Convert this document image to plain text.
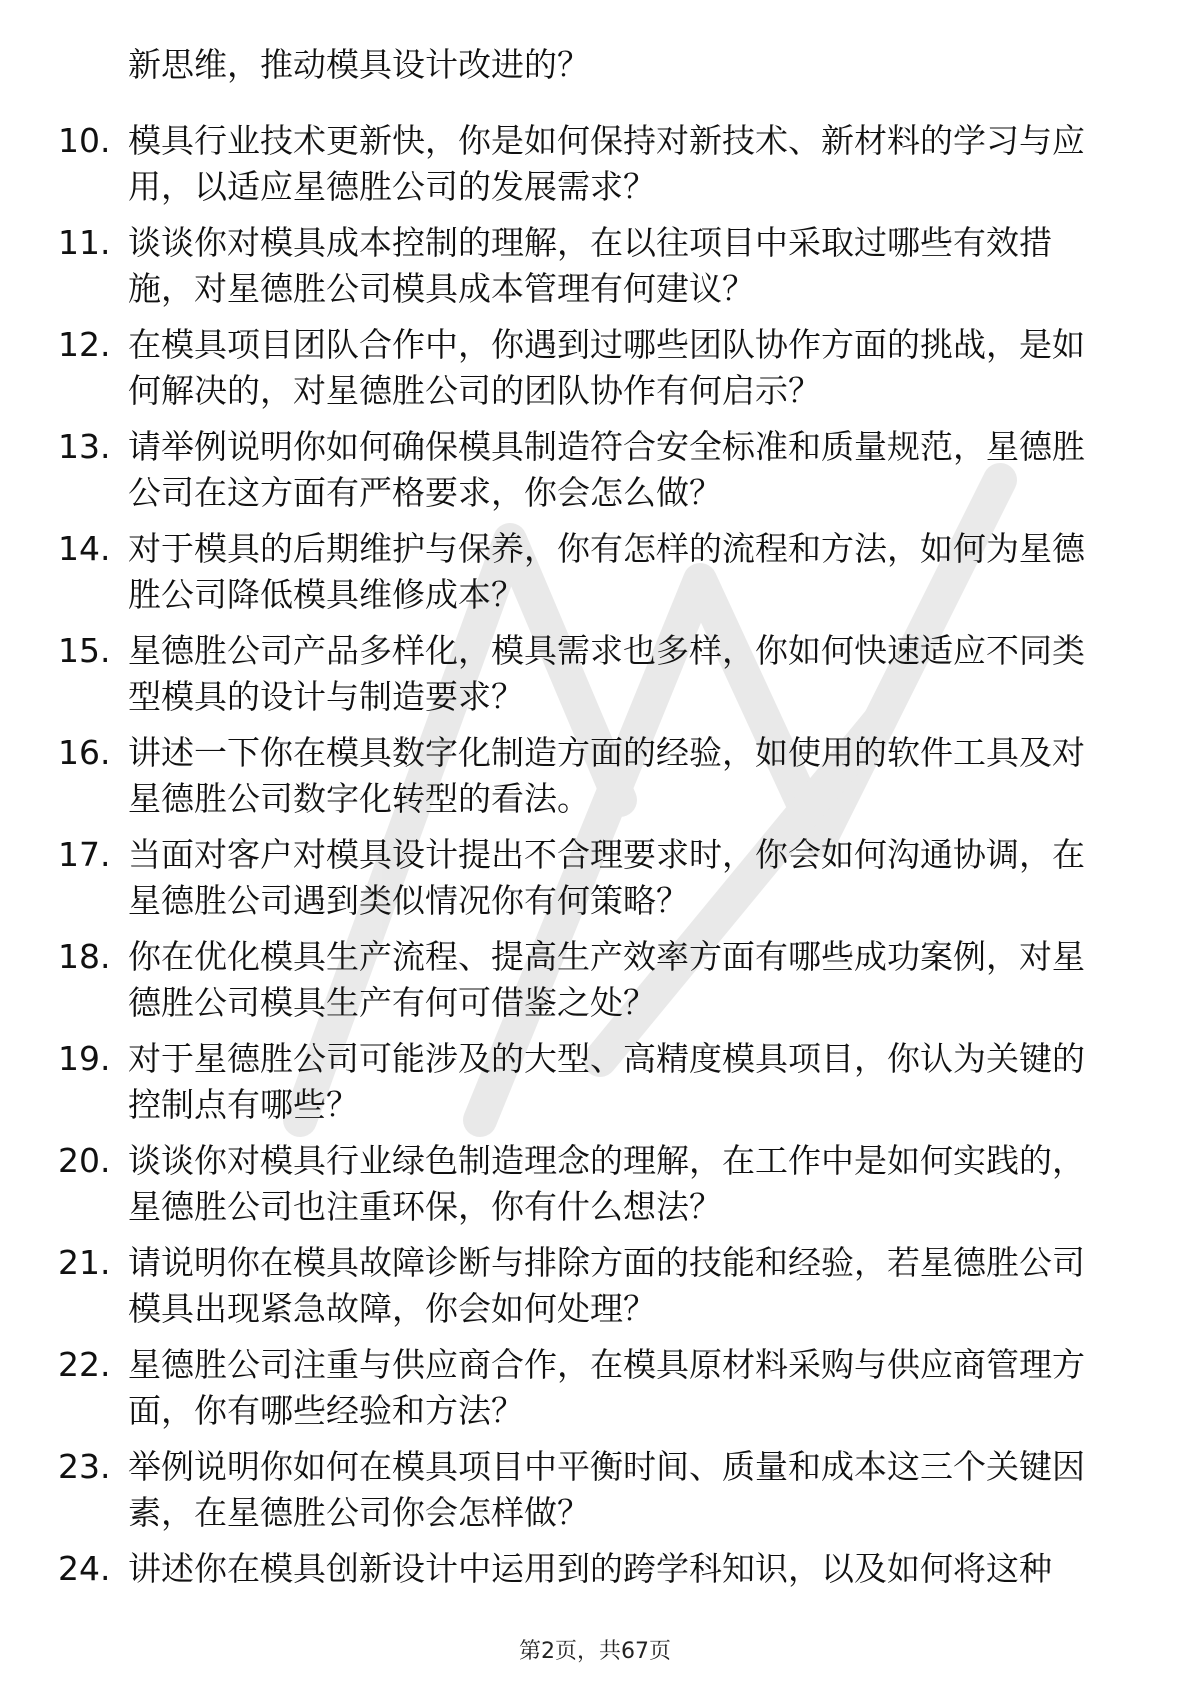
新思维，推动模具设计改进的？
10. 模具行业技术更新快，你是如何保持对新技术、新材料的学习与应用，以适应星德胜公司的发展需求？
11. 谈谈你对模具成本控制的理解，在以往项目中采取过哪些有效措施，对星德胜公司模具成本管理有何建议？
12. 在模具项目团队合作中，你遇到过哪些团队协作方面的挑战，是如何解决的，对星德胜公司的团队协作有何启示？
13. 请举例说明你如何确保模具制造符合安全标准和质量规范，星德胜公司在这方面有严格要求，你会怎么做？
14. 对于模具的后期维护与保养，你有怎样的流程和方法，如何为星德胜公司降低模具维修成本？
15. 星德胜公司产品多样化，模具需求也多样，你如何快速适应不同类型模具的设计与制造要求？
16. 讲述一下你在模具数字化制造方面的经验，如使用的软件工具及对星德胜公司数字化转型的看法。
17. 当面对客户对模具设计提出不合理要求时，你会如何沟通协调，在星德胜公司遇到类似情况你有何策略？
18. 你在优化模具生产流程、提高生产效率方面有哪些成功案例，对星德胜公司模具生产有何可借鉴之处？
19. 对于星德胜公司可能涉及的大型、高精度模具项目，你认为关键的控制点有哪些？
20. 谈谈你对模具行业绿色制造理念的理解，在工作中是如何实践的，星德胜公司也注重环保，你有什么想法？
21. 请说明你在模具故障诊断与排除方面的技能和经验，若星德胜公司模具出现紧急故障，你会如何处理？
22. 星德胜公司注重与供应商合作，在模具原材料采购与供应商管理方面，你有哪些经验和方法？
23. 举例说明你如何在模具项目中平衡时间、质量和成本这三个关键因素，在星德胜公司你会怎样做？
24. 讲述你在模具创新设计中运用到的跨学科知识，以及如何将这种
第2页，共67页
